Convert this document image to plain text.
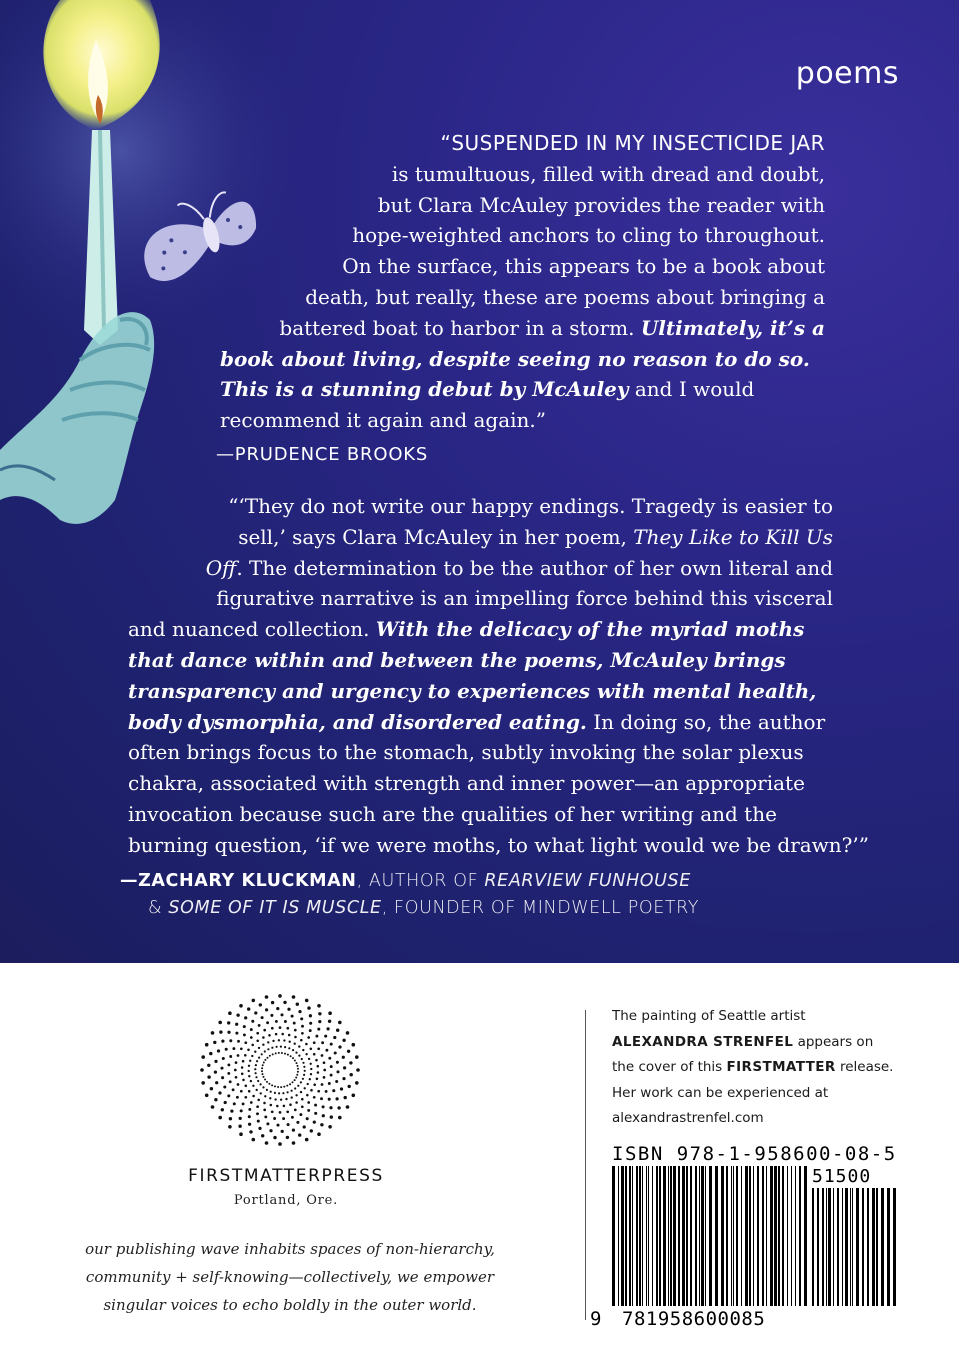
poems
“SUSPENDED IN MY INSECTICIDE JAR
is tumultuous, filled with dread and doubt,
but Clara McAuley provides the reader with
hope-weighted anchors to cling to throughout.
On the surface, this appears to be a book about
death, but really, these are poems about bringing a
battered boat to harbor in a storm. Ultimately, it’s a
book about living, despite seeing no reason to do so.
This is a stunning debut by McAuley and I would
recommend it again and again.”
—PRUDENCE BROOKS
“‘They do not write our happy endings. Tragedy is easier to
sell,’ says Clara McAuley in her poem, They Like to Kill Us
Off. The determination to be the author of her own literal and
figurative narrative is an impelling force behind this visceral
and nuanced collection. With the delicacy of the myriad moths
that dance within and between the poems, McAuley brings
transparency and urgency to experiences with mental health,
body dysmorphia, and disordered eating. In doing so, the author
often brings focus to the stomach, subtly invoking the solar plexus
chakra, associated with strength and inner power—an appropriate
invocation because such are the qualities of her writing and the
burning question, ‘if we were moths, to what light would we be drawn?’”
—ZACHARY KLUCKMAN, AUTHOR OF REARVIEW FUNHOUSE
& SOME OF IT IS MUSCLE, FOUNDER OF MINDWELL POETRY
FIRSTMATTERPRESS
Portland, Ore.
our publishing wave inhabits spaces of non-hierarchy,
community + self-knowing—collectively, we empower
singular voices to echo boldly in the outer world.
The painting of Seattle artist
ALEXANDRA STRENFEL appears on
the cover of this FIRSTMATTER release.
Her work can be experienced at
alexandrastrenfel.com
ISBN 978-1-958600-08-5
51500
9 781958600085
